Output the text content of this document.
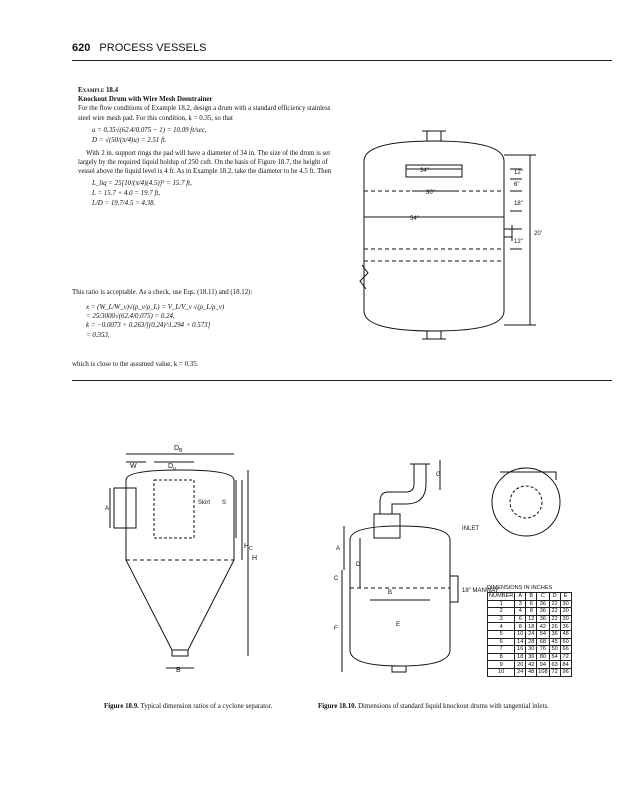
620 PROCESS VESSELS
Example 18.4
Knockout Drum with Wire Mesh Deentrainer

For the flow conditions of Example 18.2, design a drum with a standard efficiency stainless steel wire mesh pad. For this condition, k = 0.35, so that

u = 0.35√(62.4/0.075 − 1) = 10.09 ft/sec,
D = √(50/(π/4)u) = 2.51 ft.

With 2 in. support rings the pad will have a diameter of 34 in. The size of the drum is set largely by the required liquid holdup of 250 cuft. On the basis of Figure 18.7, the height of vessel above the liquid level is 4 ft. As in Example 18.2, take the diameter to be 4.5 ft. Then

L_liq = 25[10/(π/4)(4.5)]² = 15.7 ft,
L = 15.7 + 4.0 = 19.7 ft,
L/D = 19.7/4.5 = 4.38.
This ratio is acceptable. As a check, use Eqs. (18.11) and (18.12):
x = (W_L/W_v)√(ρ_v/ρ_L) = V_L/V_v √(ρ_L/ρ_v)
= 25/3000√(62.4/0.075) = 0.24,
k = −0.0073 + 0.263/[(0.24)^1.294 + 0.573]
= 0.353,
which is close to the assumed value, k = 0.35.
34"
30"
54"
12"
6"
18"
12"
20'
$D_B$
W	$D_o$
Skirt S
$H_C$
H
B
A
Figure 18.9. Typical dimension ratios of a cyclone separator.
G
A
D
C
B
E
F
18" MANWAY
INLET
DIMENSIONS IN INCHES
NUMBER	A	B	C	D	E
1	3	6	36	22	30
2	4	8	36	22	30
3	6	12	36	22	30
4	8	18	42	26	36
5	10	24	54	36	48
6	14	28	68	45	60
7	16	30	76	50	66
8	18	36	80	54	72
9	20	42	94	63	84
10	24	48	108	72	96
Figure 18.10. Dimensions of standard liquid knockout drums with tangential inlets.
